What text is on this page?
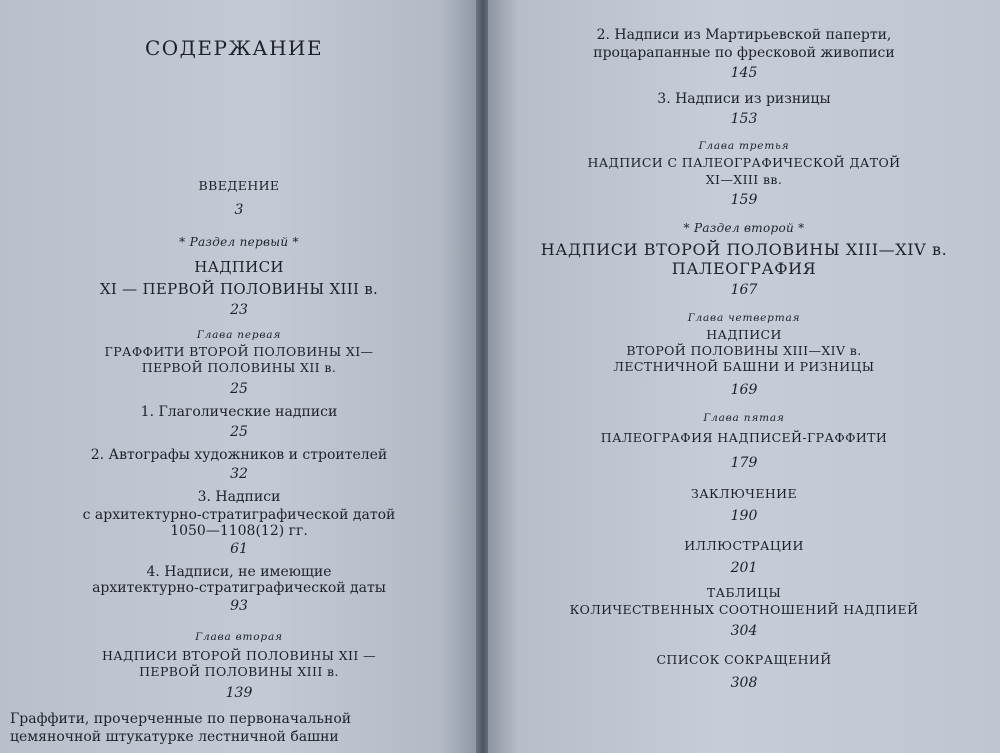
СОДЕРЖАНИЕ
ВВЕДЕНИЕ
3
* Раздел первый *
НАДПИСИ
XI — ПЕРВОЙ ПОЛОВИНЫ XIII в.
23
Глава первая
ГРАФФИТИ ВТОРОЙ ПОЛОВИНЫ XI—
ПЕРВОЙ ПОЛОВИНЫ XII в.
25
1. Глаголические надписи
25
2. Автографы художников и строителей
32
3. Надписи
с архитектурно-стратиграфической датой
1050—1108(12) гг.
61
4. Надписи, не имеющие
архитектурно-стратиграфической даты
93
Глава вторая
НАДПИСИ ВТОРОЙ ПОЛОВИНЫ XII —
ПЕРВОЙ ПОЛОВИНЫ XIII в.
139
Граффити, прочерченные по первоначальной
цемяночной штукатурке лестничной башни
2. Надписи из Мартирьевской паперти,
процарапанные по фресковой живописи
145
3. Надписи из ризницы
153
Глава третья
НАДПИСИ С ПАЛЕОГРАФИЧЕСКОЙ ДАТОЙ
XI—XIII вв.
159
* Раздел второй *
НАДПИСИ ВТОРОЙ ПОЛОВИНЫ XIII—XIV в.
ПАЛЕОГРАФИЯ
167
Глава четвертая
НАДПИСИ
ВТОРОЙ ПОЛОВИНЫ XIII—XIV в.
ЛЕСТНИЧНОЙ БАШНИ И РИЗНИЦЫ
169
Глава пятая
ПАЛЕОГРАФИЯ НАДПИСЕЙ-ГРАФФИТИ
179
ЗАКЛЮЧЕНИЕ
190
ИЛЛЮСТРАЦИИ
201
ТАБЛИЦЫ
КОЛИЧЕСТВЕННЫХ СООТНОШЕНИЙ НАДПИЕЙ
304
СПИСОК СОКРАЩЕНИЙ
308
